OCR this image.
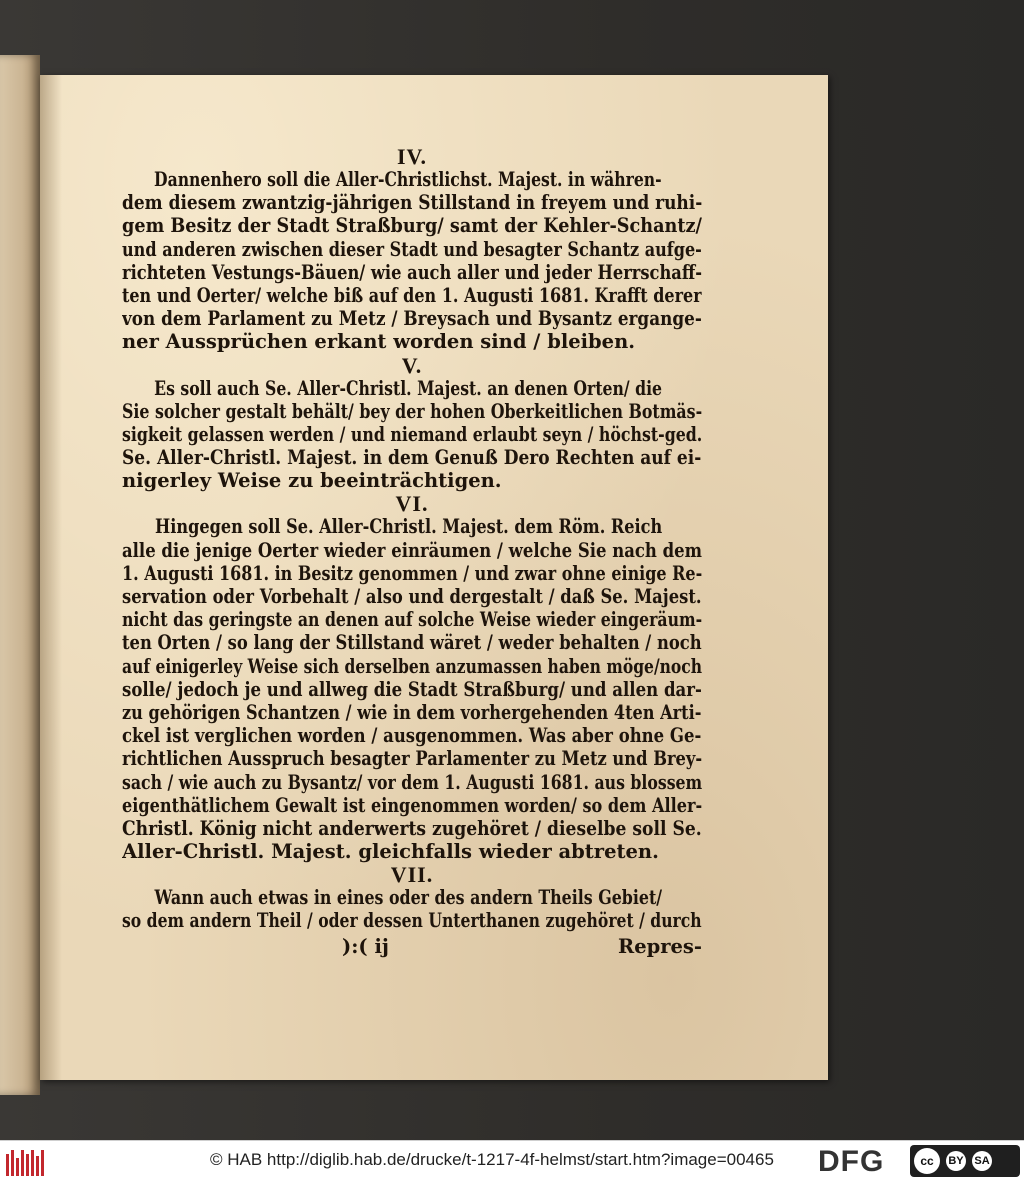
IV.
Dannenhero soll die Aller-Christlichst. Majest. in währen-
dem diesem zwantzig-jährigen Stillstand in freyem und ruhi-
gem Besitz der Stadt Straßburg/ samt der Kehler-Schantz/
und anderen zwischen dieser Stadt und besagter Schantz aufge-
richteten Vestungs-Bäuen/ wie auch aller und jeder Herrschaff-
ten und Oerter/ welche biß auf den 1. Augusti 1681. Krafft derer
von dem Parlament zu Metz / Breysach und Bysantz ergange-
ner Aussprüchen erkant worden sind / bleiben.
V.
Es soll auch Se. Aller-Christl. Majest. an denen Orten/ die
Sie solcher gestalt behält/ bey der hohen Oberkeitlichen Botmäs-
sigkeit gelassen werden / und niemand erlaubt seyn / höchst-ged.
Se. Aller-Christl. Majest. in dem Genuß Dero Rechten auf ei-
nigerley Weise zu beeinträchtigen.
VI.
Hingegen soll Se. Aller-Christl. Majest. dem Röm. Reich
alle die jenige Oerter wieder einräumen / welche Sie nach dem
1. Augusti 1681. in Besitz genommen / und zwar ohne einige Re-
servation oder Vorbehalt / also und dergestalt / daß Se. Majest.
nicht das geringste an denen auf solche Weise wieder eingeräum-
ten Orten / so lang der Stillstand wäret / weder behalten / noch
auf einigerley Weise sich derselben anzumassen haben möge/noch
solle/ jedoch je und allweg die Stadt Straßburg/ und allen dar-
zu gehörigen Schantzen / wie in dem vorhergehenden 4ten Arti-
ckel ist verglichen worden / ausgenommen. Was aber ohne Ge-
richtlichen Ausspruch besagter Parlamenter zu Metz und Brey-
sach / wie auch zu Bysantz/ vor dem 1. Augusti 1681. aus blossem
eigenthätlichem Gewalt ist eingenommen worden/ so dem Aller-
Christl. König nicht anderwerts zugehöret / dieselbe soll Se.
Aller-Christl. Majest. gleichfalls wieder abtreten.
VII.
Wann auch etwas in eines oder des andern Theils Gebiet/
so dem andern Theil / oder dessen Unterthanen zugehöret / durch
):( ij	Repres-
© HAB http://diglib.hab.de/drucke/t-1217-4f-helmst/start.htm?image=00465 DFG	cc	BY SA
